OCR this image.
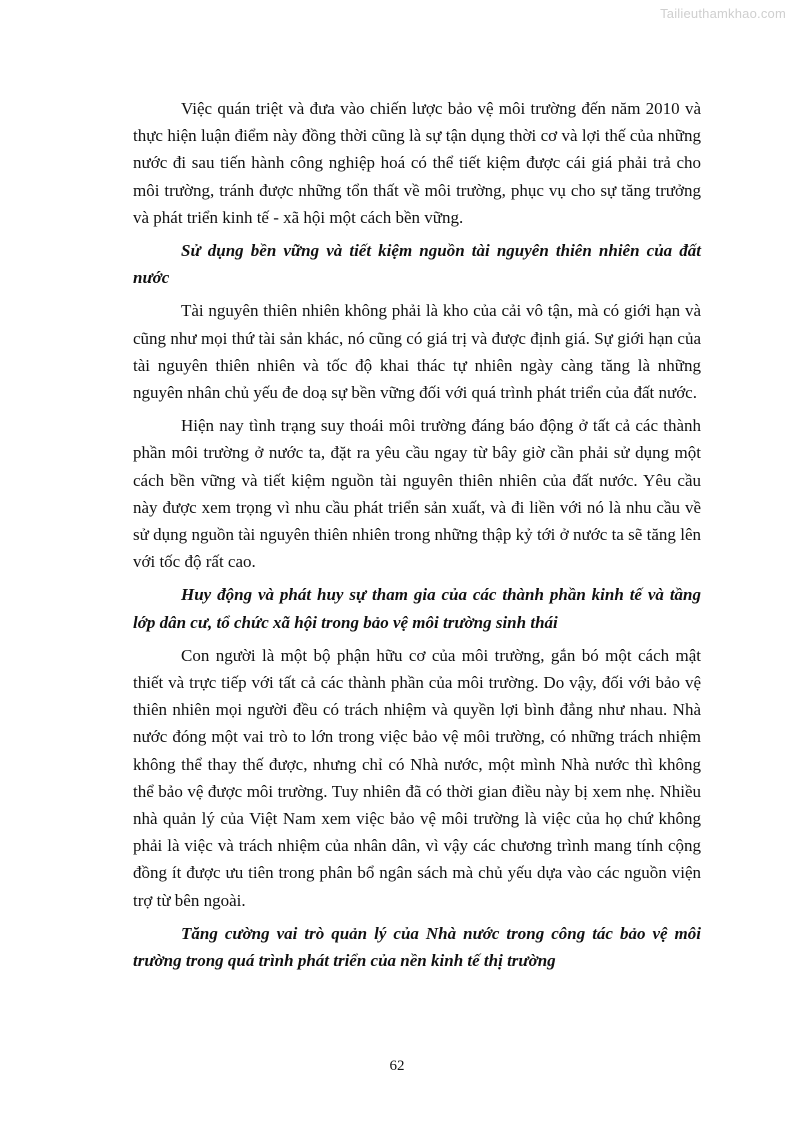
Tailieuthamkhao.com

Việc quán triệt và đưa vào chiến lược bảo vệ môi trường đến năm 2010 và thực hiện luận điểm này đồng thời cũng là sự tận dụng thời cơ và lợi thế của những nước đi sau tiến hành công nghiệp hoá có thể tiết kiệm được cái giá phải trả cho môi trường, tránh được những tổn thất về môi trường, phục vụ cho sự tăng trưởng và phát triển kinh tế - xã hội một cách bền vững.

Sử dụng bền vững và tiết kiệm nguồn tài nguyên thiên nhiên của đất nước

Tài nguyên thiên nhiên không phải là kho của cải vô tận, mà có giới hạn và cũng như mọi thứ tài sản khác, nó cũng có giá trị và được định giá. Sự giới hạn của tài nguyên thiên nhiên và tốc độ khai thác tự nhiên ngày càng tăng là những nguyên nhân chủ yếu đe doạ sự bền vững đối với quá trình phát triển của đất nước.

Hiện nay tình trạng suy thoái môi trường đáng báo động ở tất cả các thành phần môi trường ở nước ta, đặt ra yêu cầu ngay từ bây giờ cần phải sử dụng một cách bền vững và tiết kiệm nguồn tài nguyên thiên nhiên của đất nước. Yêu cầu này được xem trọng vì nhu cầu phát triển sản xuất, và đi liền với nó là nhu cầu về sử dụng nguồn tài nguyên thiên nhiên trong những thập kỷ tới ở nước ta sẽ tăng lên với tốc độ rất cao.

Huy động và phát huy sự tham gia của các thành phần kinh tế và tầng lớp dân cư, tổ chức xã hội trong bảo vệ môi trường sinh thái

Con người là một bộ phận hữu cơ của môi trường, gắn bó một cách mật thiết và trực tiếp với tất cả các thành phần của môi trường. Do vậy, đối với bảo vệ thiên nhiên mọi người đều có trách nhiệm và quyền lợi bình đẳng như nhau. Nhà nước đóng một vai trò to lớn trong việc bảo vệ môi trường, có những trách nhiệm không thể thay thế được, nhưng chỉ có Nhà nước, một mình Nhà nước thì không thể bảo vệ được môi trường. Tuy nhiên đã có thời gian điều này bị xem nhẹ. Nhiều nhà quản lý của Việt Nam xem việc bảo vệ môi trường là việc của họ chứ không phải là việc và trách nhiệm của nhân dân, vì vậy các chương trình mang tính cộng đồng ít được ưu tiên trong phân bổ ngân sách mà chủ yếu dựa vào các nguồn viện trợ từ bên ngoài.

Tăng cường vai trò quản lý của Nhà nước trong công tác bảo vệ môi trường trong quá trình phát triển của nền kinh tế thị trường

62
